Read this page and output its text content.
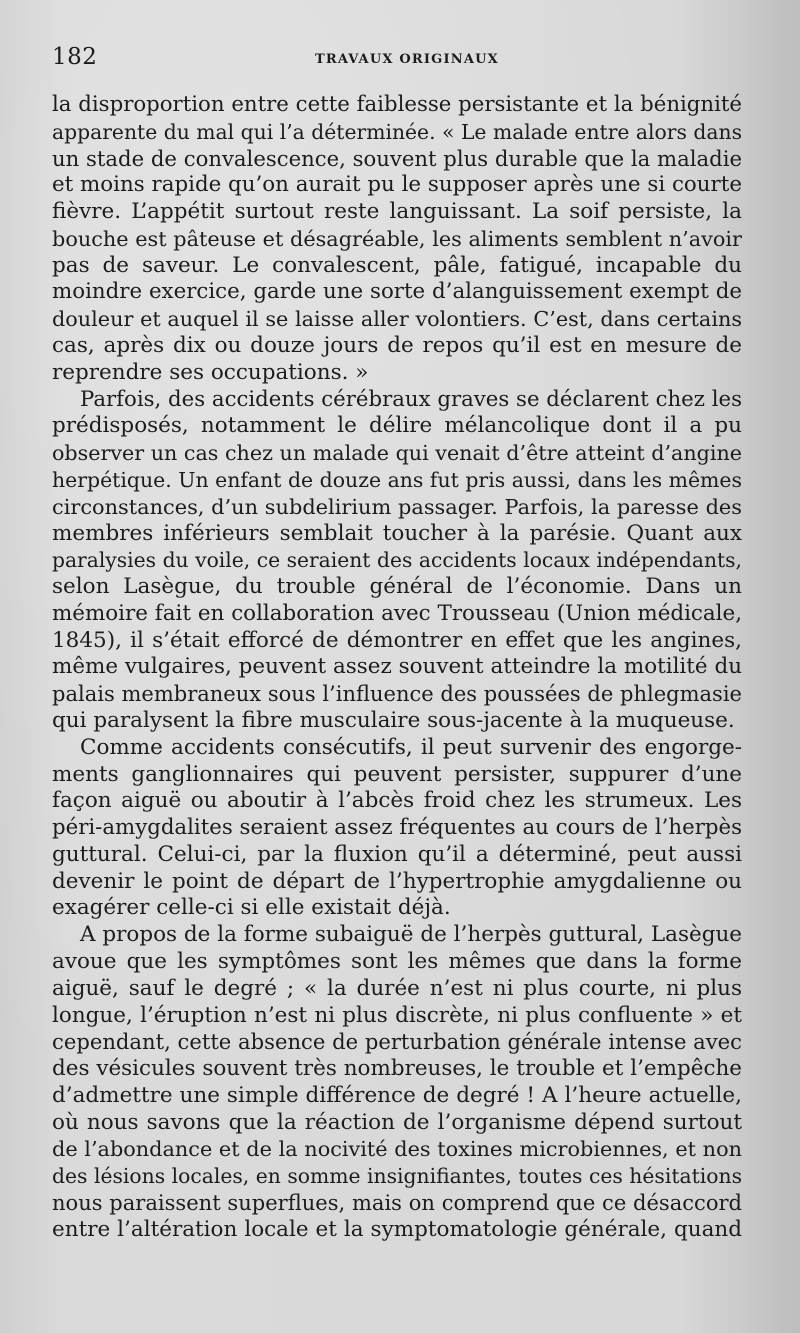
182	TRAVAUX ORIGINAUX
la disproportion entre cette faiblesse persistante et la bénignité
apparente du mal qui l’a déterminée. « Le malade entre alors dans
un stade de convalescence, souvent plus durable que la maladie
et moins rapide qu’on aurait pu le supposer après une si courte
fièvre. L’appétit surtout reste languissant. La soif persiste, la
bouche est pâteuse et désagréable, les aliments semblent n’avoir
pas de saveur. Le convalescent, pâle, fatigué, incapable du
moindre exercice, garde une sorte d’alanguissement exempt de
douleur et auquel il se laisse aller volontiers. C’est, dans certains
cas, après dix ou douze jours de repos qu’il est en mesure de
reprendre ses occupations. »
Parfois, des accidents cérébraux graves se déclarent chez les
prédisposés, notamment le délire mélancolique dont il a pu
observer un cas chez un malade qui venait d’être atteint d’angine
herpétique. Un enfant de douze ans fut pris aussi, dans les mêmes
circonstances, d’un subdelirium passager. Parfois, la paresse des
membres inférieurs semblait toucher à la parésie. Quant aux
paralysies du voile, ce seraient des accidents locaux indépendants,
selon Lasègue, du trouble général de l’économie. Dans un
mémoire fait en collaboration avec Trousseau (Union médicale,
1845), il s’était efforcé de démontrer en effet que les angines,
même vulgaires, peuvent assez souvent atteindre la motilité du
palais membraneux sous l’influence des poussées de phlegmasie
qui paralysent la fibre musculaire sous-jacente à la muqueuse.
Comme accidents consécutifs, il peut survenir des engorge-
ments ganglionnaires qui peuvent persister, suppurer d’une
façon aiguë ou aboutir à l’abcès froid chez les strumeux. Les
péri-amygdalites seraient assez fréquentes au cours de l’herpès
guttural. Celui-ci, par la fluxion qu’il a déterminé, peut aussi
devenir le point de départ de l’hypertrophie amygdalienne ou
exagérer celle-ci si elle existait déjà.
A propos de la forme subaiguë de l’herpès guttural, Lasègue
avoue que les symptômes sont les mêmes que dans la forme
aiguë, sauf le degré ; « la durée n’est ni plus courte, ni plus
longue, l’éruption n’est ni plus discrète, ni plus confluente » et
cependant, cette absence de perturbation générale intense avec
des vésicules souvent très nombreuses, le trouble et l’empêche
d’admettre une simple différence de degré ! A l’heure actuelle,
où nous savons que la réaction de l’organisme dépend surtout
de l’abondance et de la nocivité des toxines microbiennes, et non
des lésions locales, en somme insignifiantes, toutes ces hésitations
nous paraissent superflues, mais on comprend que ce désaccord
entre l’altération locale et la symptomatologie générale, quand
